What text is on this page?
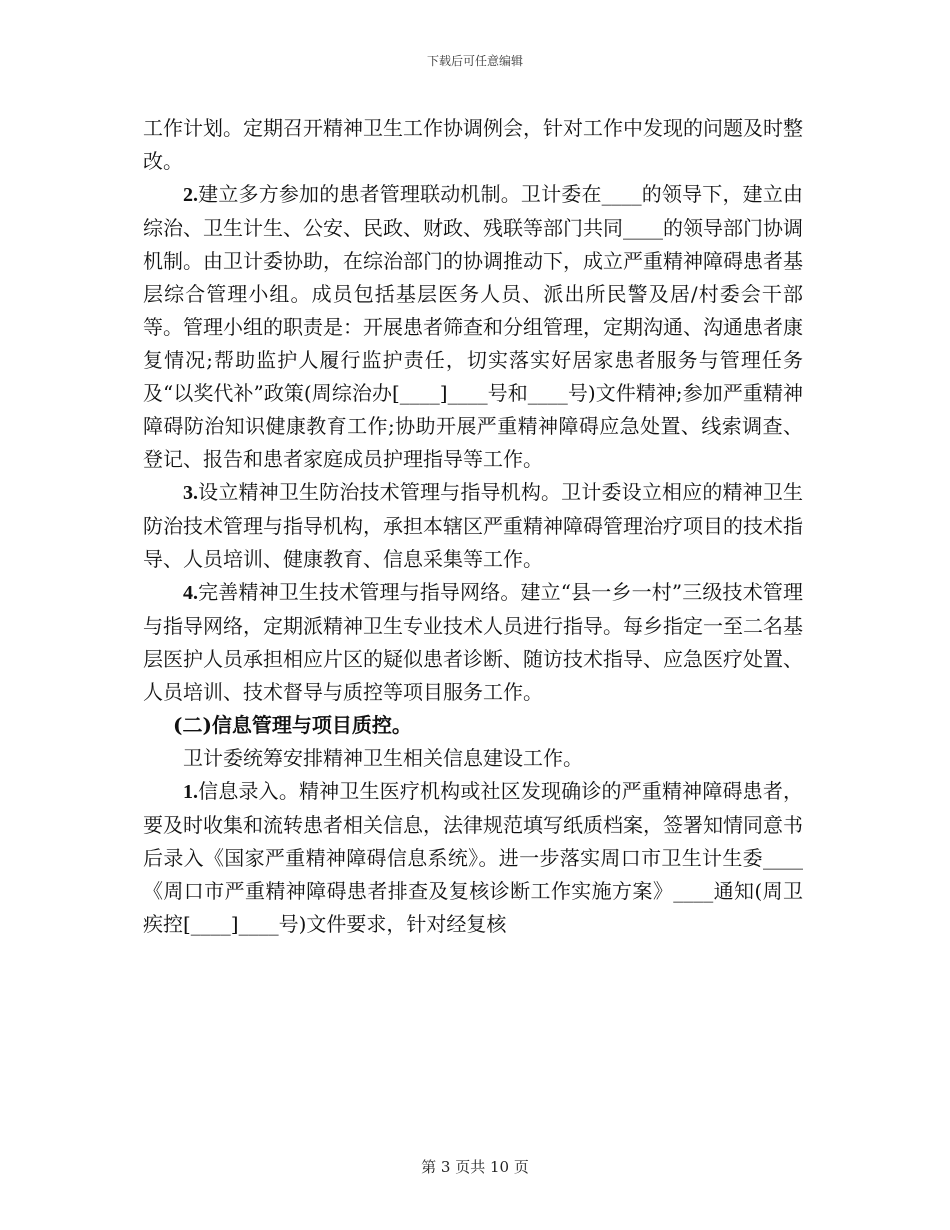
下载后可任意编辑

工作计划。定期召开精神卫生工作协调例会，针对工作中发现的问题及时整改。

2.建立多方参加的患者管理联动机制。卫计委在____的领导下，建立由综治、卫生计生、公安、民政、财政、残联等部门共同____的领导部门协调机制。由卫计委协助，在综治部门的协调推动下，成立严重精神障碍患者基层综合管理小组。成员包括基层医务人员、派出所民警及居/村委会干部等。管理小组的职责是：开展患者筛查和分组管理，定期沟通、沟通患者康复情况;帮助监护人履行监护责任，切实落实好居家患者服务与管理任务及“以奖代补”政策(周综治办[____]____号和____号)文件精神;参加严重精神障碍防治知识健康教育工作;协助开展严重精神障碍应急处置、线索调查、登记、报告和患者家庭成员护理指导等工作。

3.设立精神卫生防治技术管理与指导机构。卫计委设立相应的精神卫生防治技术管理与指导机构，承担本辖区严重精神障碍管理治疗项目的技术指导、人员培训、健康教育、信息采集等工作。

4.完善精神卫生技术管理与指导网络。建立“县一乡一村”三级技术管理与指导网络，定期派精神卫生专业技术人员进行指导。每乡指定一至二名基层医护人员承担相应片区的疑似患者诊断、随访技术指导、应急医疗处置、人员培训、技术督导与质控等项目服务工作。

(二)信息管理与项目质控。

卫计委统筹安排精神卫生相关信息建设工作。

1.信息录入。精神卫生医疗机构或社区发现确诊的严重精神障碍患者，要及时收集和流转患者相关信息，法律规范填写纸质档案，签署知情同意书后录入《国家严重精神障碍信息系统》。进一步落实周口市卫生计生委____《周口市严重精神障碍患者排查及复核诊断工作实施方案》____通知(周卫疾控[____]____号)文件要求，针对经复核

第 3 页共 10 页
